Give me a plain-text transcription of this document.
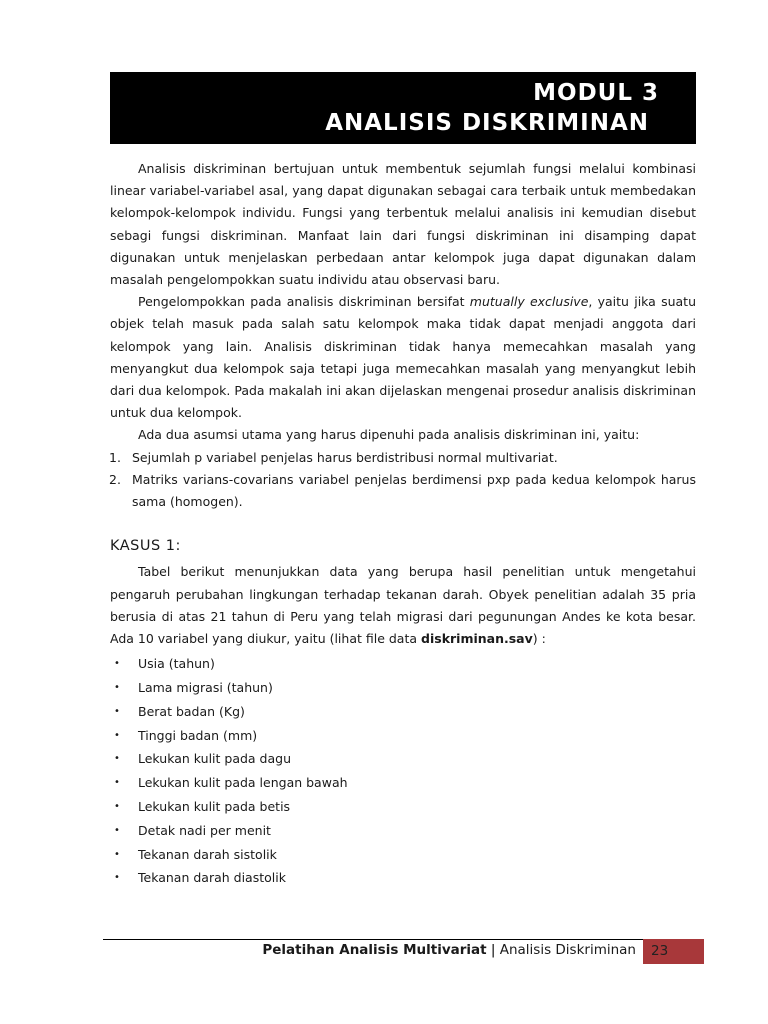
MODUL 3
ANALISIS DISKRIMINAN

Analisis diskriminan bertujuan untuk membentuk sejumlah fungsi melalui kombinasi linear variabel-variabel asal, yang dapat digunakan sebagai cara terbaik untuk membedakan kelompok-kelompok individu. Fungsi yang terbentuk melalui analisis ini kemudian disebut sebagi fungsi diskriminan. Manfaat lain dari fungsi diskriminan ini disamping dapat digunakan untuk menjelaskan perbedaan antar kelompok juga dapat digunakan dalam masalah pengelompokkan suatu individu atau observasi baru.

Pengelompokkan pada analisis diskriminan bersifat mutually exclusive, yaitu jika suatu objek telah masuk pada salah satu kelompok maka tidak dapat menjadi anggota dari kelompok yang lain. Analisis diskriminan tidak hanya memecahkan masalah yang menyangkut dua kelompok saja tetapi juga memecahkan masalah yang menyangkut lebih dari dua kelompok. Pada makalah ini akan dijelaskan mengenai prosedur analisis diskriminan untuk dua kelompok.

Ada dua asumsi utama yang harus dipenuhi pada analisis diskriminan ini, yaitu:

1. Sejumlah p variabel penjelas harus berdistribusi normal multivariat.
2. Matriks varians-covarians variabel penjelas berdimensi pxp pada kedua kelompok harus sama (homogen).
KASUS 1:

Tabel berikut menunjukkan data yang berupa hasil penelitian untuk mengetahui pengaruh perubahan lingkungan terhadap tekanan darah. Obyek penelitian adalah 35 pria berusia di atas 21 tahun di Peru yang telah migrasi dari pegunungan Andes ke kota besar. Ada 10 variabel yang diukur, yaitu (lihat file data diskriminan.sav) :

• Usia (tahun)
• Lama migrasi (tahun)
• Berat badan (Kg)
• Tinggi badan (mm)
• Lekukan kulit pada dagu
• Lekukan kulit pada lengan bawah
• Lekukan kulit pada betis
• Detak nadi per menit
• Tekanan darah sistolik
• Tekanan darah diastolik
Pelatihan Analisis Multivariat | Analisis Diskriminan	23
